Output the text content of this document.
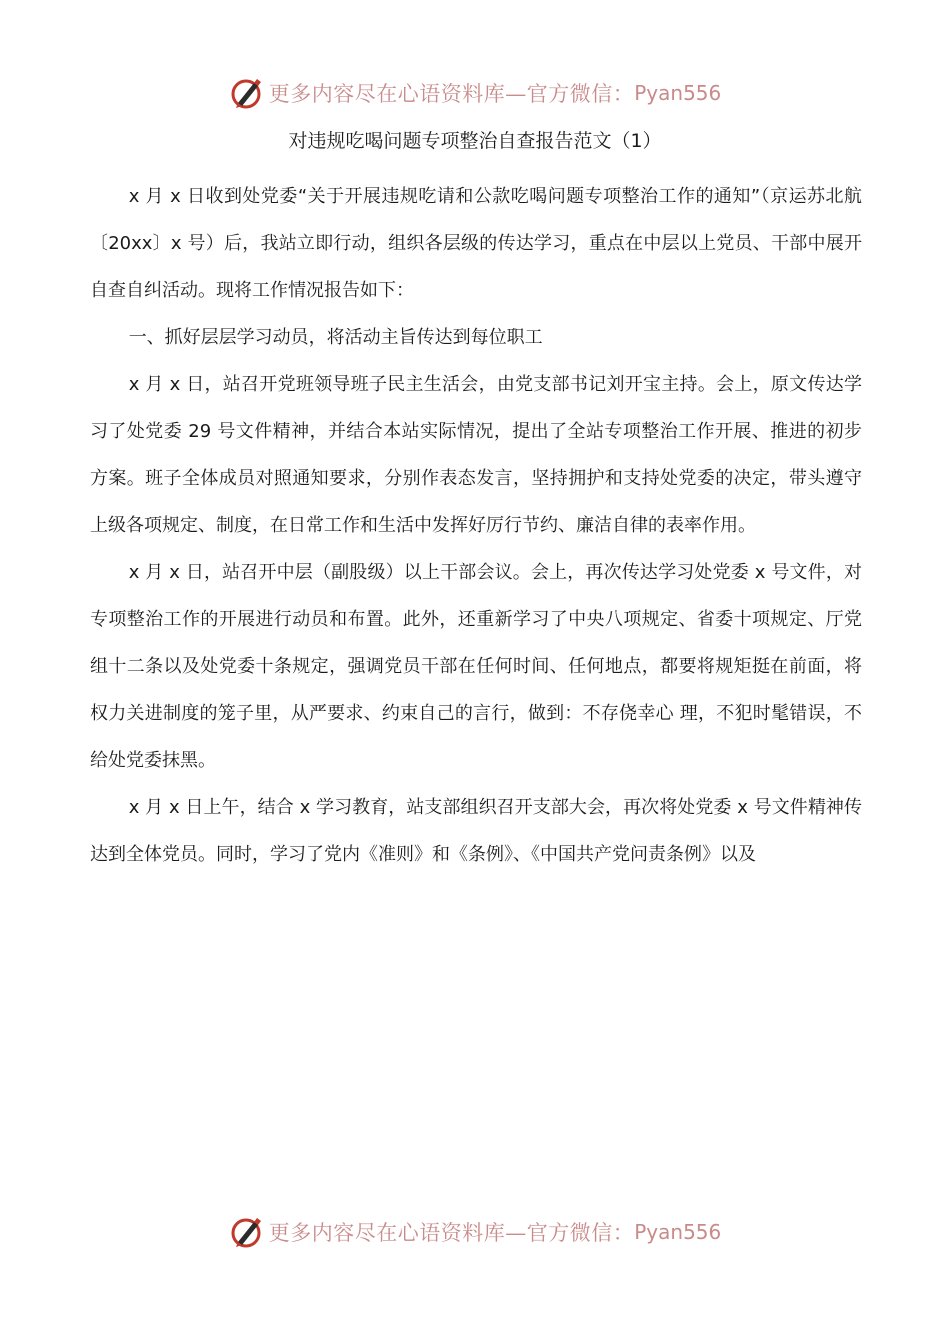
更多内容尽在心语资料库—官方微信： Pyan556
对违规吃喝问题专项整治自查报告范文（1）

x 月 x 日收到处党委“关于开展违规吃请和公款吃喝问题专项整治工作的通知”（京运苏北航〔20xx〕x 号）后，我站立即行动，组织各层级的传达学习，重点在中层以上党员、干部中展开自查自纠活动。现将工作情况报告如下：

一、抓好层层学习动员，将活动主旨传达到每位职工

x 月 x 日，站召开党班领导班子民主生活会，由党支部书记刘开宝主持。会上，原文传达学习了处党委 29 号文件精神，并结合本站实际情况，提出了全站专项整治工作开展、推进的初步方案。班子全体成员对照通知要求，分别作表态发言，坚持拥护和支持处党委的决定，带头遵守上级各项规定、制度，在日常工作和生活中发挥好厉行节约、廉洁自律的表率作用。

x 月 x 日，站召开中层（副股级）以上干部会议。会上，再次传达学习处党委 x 号文件，对专项整治工作的开展进行动员和布置。此外，还重新学习了中央八项规定、省委十项规定、厅党组十二条以及处党委十条规定，强调党员干部在任何时间、任何地点，都要将规矩挺在前面，将权力关进制度的笼子里，从严要求、约束自己的言行，做到：不存侥幸心 理，不犯时髦错误，不给处党委抹黑。

x 月 x 日上午，结合 x 学习教育，站支部组织召开支部大会，再次将处党委 x 号文件精神传达到全体党员。同时，学习了党内《准则》和《条例》、《中国共产党问责条例》以及

更多内容尽在心语资料库—官方微信： Pyan556
